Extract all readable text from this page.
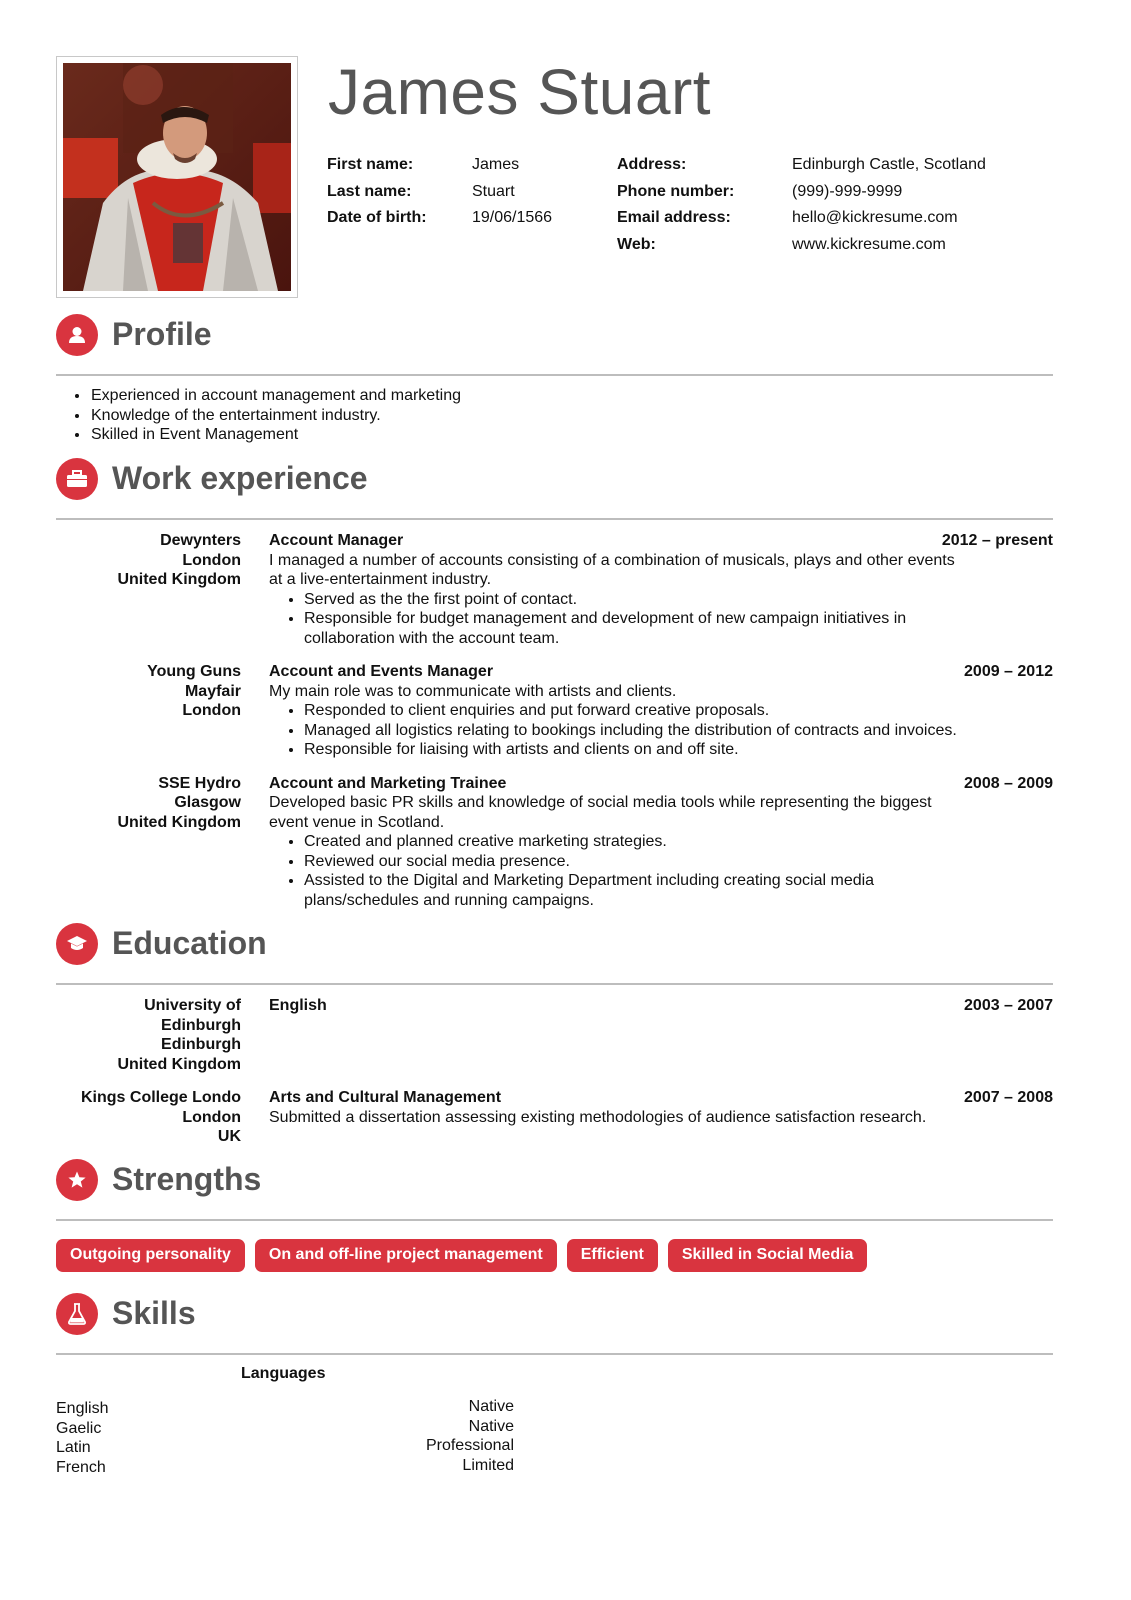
James Stuart
First name:	James
Last name:	Stuart
Date of birth:	19/06/1566
Address:	Edinburgh Castle, Scotland
Phone number:	(999)-999-9999
Email address:	hello@kickresume.com
Web:	www.kickresume.com
Profile
• Experienced in account management and marketing
• Knowledge of the entertainment industry.
• Skilled in Event Management
Work experience
Dewynters
London
United Kingdom
Account Manager	2012 – present
I managed a number of accounts consisting of a combination of musicals, plays and other events
at a live-entertainment industry.
• Served as the the first point of contact.
• Responsible for budget management and development of new campaign initiatives in collaboration with the account team.
Young Guns
Mayfair
London
Account and Events Manager	2009 – 2012
My main role was to communicate with artists and clients.
• Responded to client enquiries and put forward creative proposals.
• Managed all logistics relating to bookings including the distribution of contracts and invoices.
• Responsible for liaising with artists and clients on and off site.
SSE Hydro
Glasgow
United Kingdom
Account and Marketing Trainee	2008 – 2009
Developed basic PR skills and knowledge of social media tools while representing the biggest
event venue in Scotland.
• Created and planned creative marketing strategies.
• Reviewed our social media presence.
• Assisted to the Digital and Marketing Department including creating social media plans/schedules and running campaigns.
Education
University of
Edinburgh
Edinburgh
United Kingdom
English	2003 – 2007
Kings College Londo
London
UK
Arts and Cultural Management	2007 – 2008
Submitted a dissertation assessing existing methodologies of audience satisfaction research.
Strengths
Outgoing personality	On and off-line project management	Efficient	Skilled in Social Media
Skills
Languages
English	Native
Gaelic	Native
Latin	Professional
French	Limited
